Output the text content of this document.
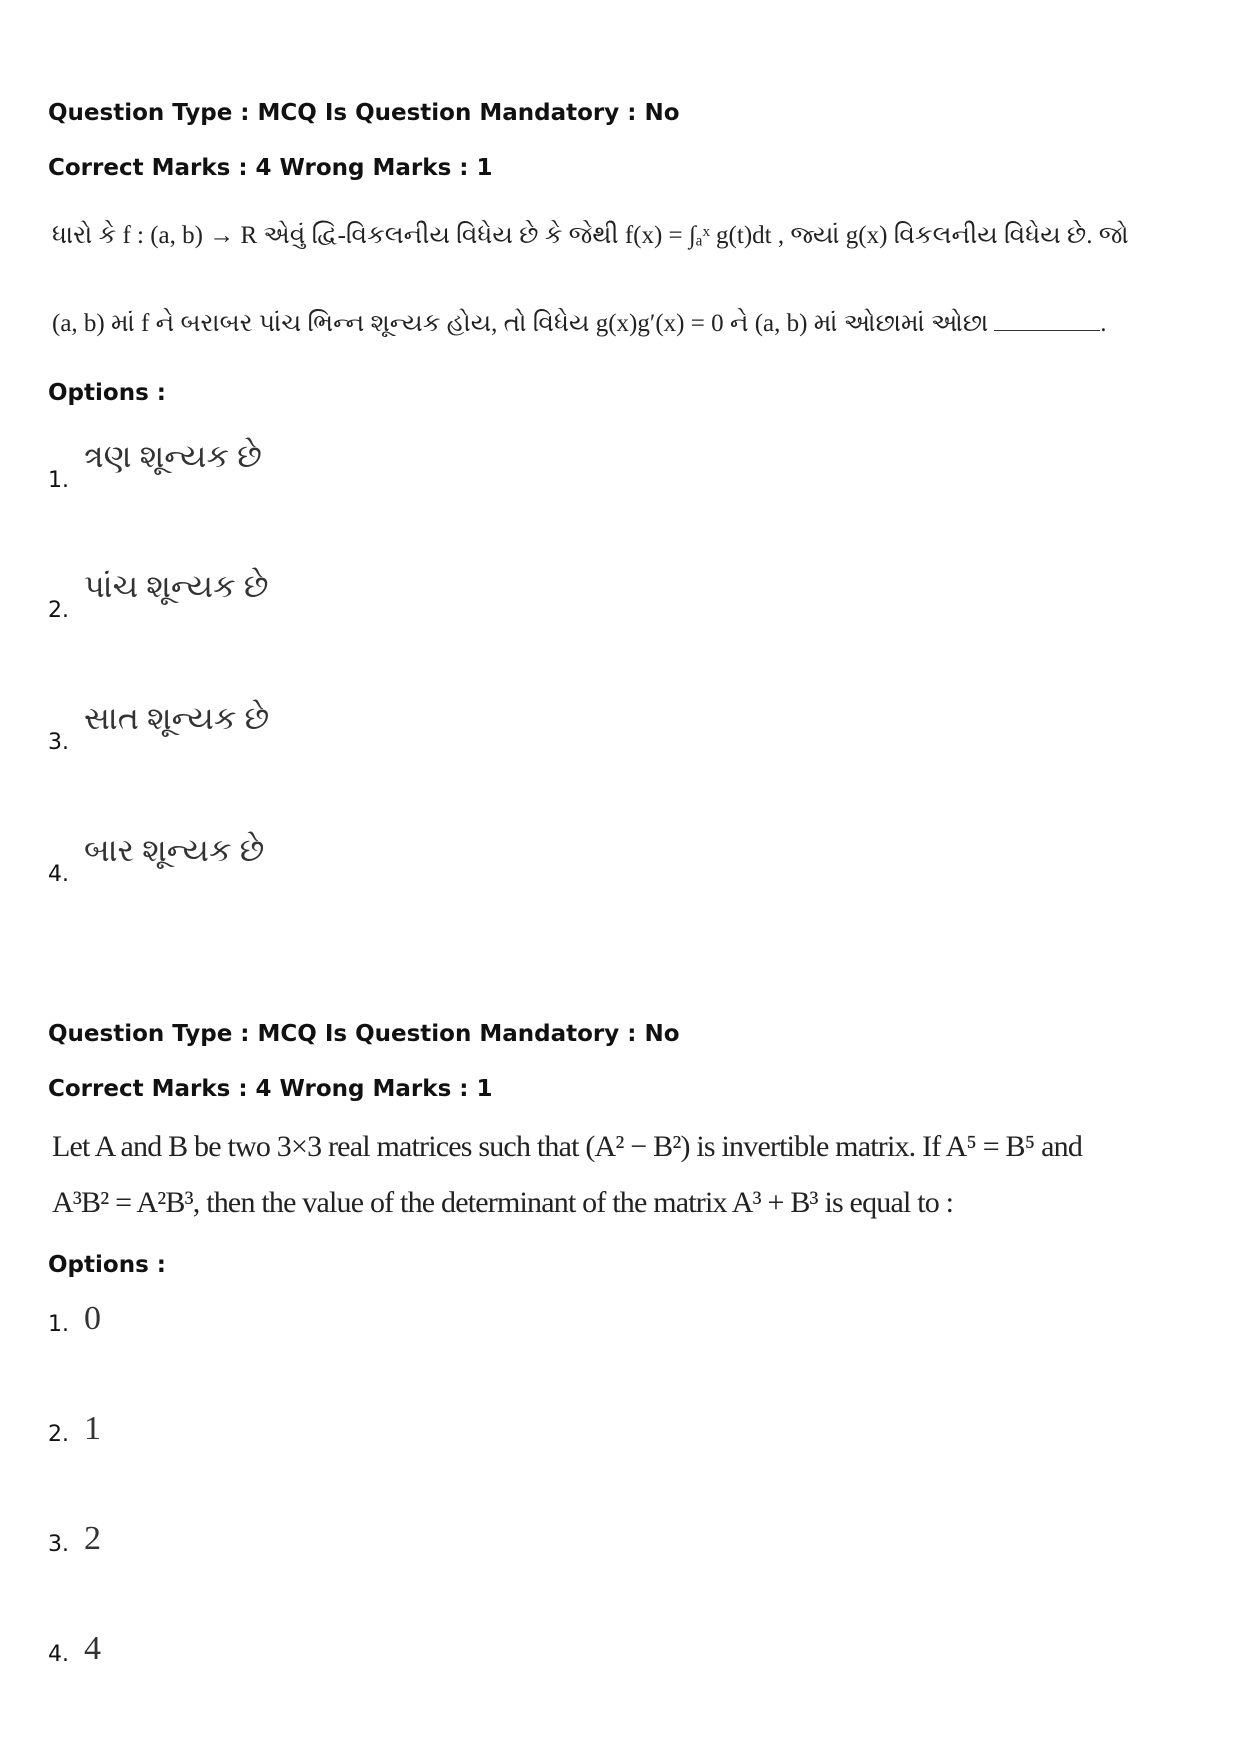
Question Type : MCQ Is Question Mandatory : No

Correct Marks : 4 Wrong Marks : 1

ધારો કે f : (a, b) → R એવું દ્વિ-વિકલનીય વિધેય છે કે જેથી f(x) = ∫ₐˣ g(t)dt , જ્યાં g(x) વિકલનીય વિધેય છે. જો
(a, b) માં f ને બરાબર પાંચ ભિન્ન શૂન્યક હોય, તો વિધેય g(x)g′(x) = 0 ને (a, b) માં ઓછામાં ઓછા	.

Options :

1.
ત્રણ શૂન્યક છે
2.
પાંચ શૂન્યક છે
3.
સાત શૂન્યક છે
4.
બાર શૂન્યક છે

Question Type : MCQ Is Question Mandatory : No

Correct Marks : 4 Wrong Marks : 1

Let A and B be two 3×3 real matrices such that (A² − B²) is invertible matrix. If A⁵ = B⁵ and
A³B² = A²B³, then the value of the determinant of the matrix A³ + B³ is equal to :

Options :

1. 0
2. 1
3. 2
4. 4
